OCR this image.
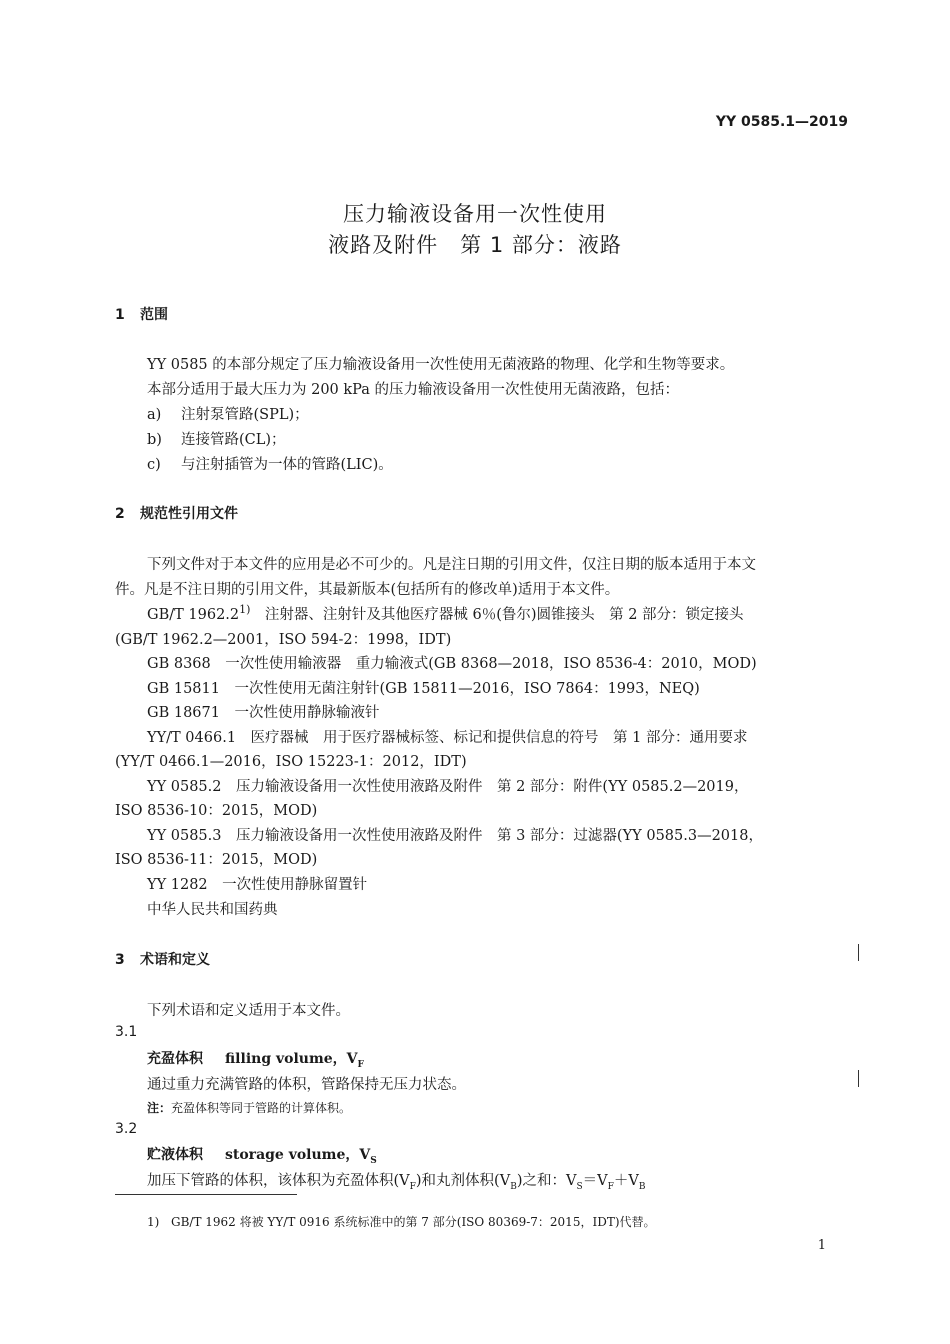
YY 0585.1—2019
压力输液设备用一次性使用
液路及附件　第 1 部分：液路
1 范围
YY 0585 的本部分规定了压力输液设备用一次性使用无菌液路的物理、化学和生物等要求。
本部分适用于最大压力为 200 kPa 的压力输液设备用一次性使用无菌液路，包括：
a) 注射泵管路(SPL)；
b) 连接管路(CL)；
c) 与注射插管为一体的管路(LIC)。
2 规范性引用文件
下列文件对于本文件的应用是必不可少的。凡是注日期的引用文件，仅注日期的版本适用于本文
件。凡是不注日期的引用文件，其最新版本(包括所有的修改单)适用于本文件。
GB/T 1962.2$^{1)}$　注射器、注射针及其他医疗器械 6％(鲁尔)圆锥接头　第 2 部分：锁定接头
(GB/T 1962.2—2001，ISO 594-2：1998，IDT)
GB 8368　一次性使用输液器　重力输液式(GB 8368—2018，ISO 8536-4：2010，MOD)
GB 15811　一次性使用无菌注射针(GB 15811—2016，ISO 7864：1993，NEQ)
GB 18671　一次性使用静脉输液针
YY/T 0466.1　医疗器械　用于医疗器械标签、标记和提供信息的符号　第 1 部分：通用要求
(YY/T 0466.1—2016，ISO 15223-1：2012，IDT)
YY 0585.2　压力输液设备用一次性使用液路及附件　第 2 部分：附件(YY 0585.2—2019，
ISO 8536-10：2015，MOD)
YY 0585.3　压力输液设备用一次性使用液路及附件　第 3 部分：过滤器(YY 0585.3—2018，
ISO 8536-11：2015，MOD)
YY 1282　一次性使用静脉留置针
中华人民共和国药典
3 术语和定义
下列术语和定义适用于本文件。
3.1
充盈体积 filling volume，$V_F$
通过重力充满管路的体积，管路保持无压力状态。
注：充盈体积等同于管路的计算体积。
3.2
贮液体积 storage volume，$V_S$
加压下管路的体积，该体积为充盈体积$(V_F)$和丸剂体积$(V_B)$之和：$V_S=V_F+V_B$
1) GB/T 1962 将被 YY/T 0916 系统标准中的第 7 部分(ISO 80369-7：2015，IDT)代替。
1
